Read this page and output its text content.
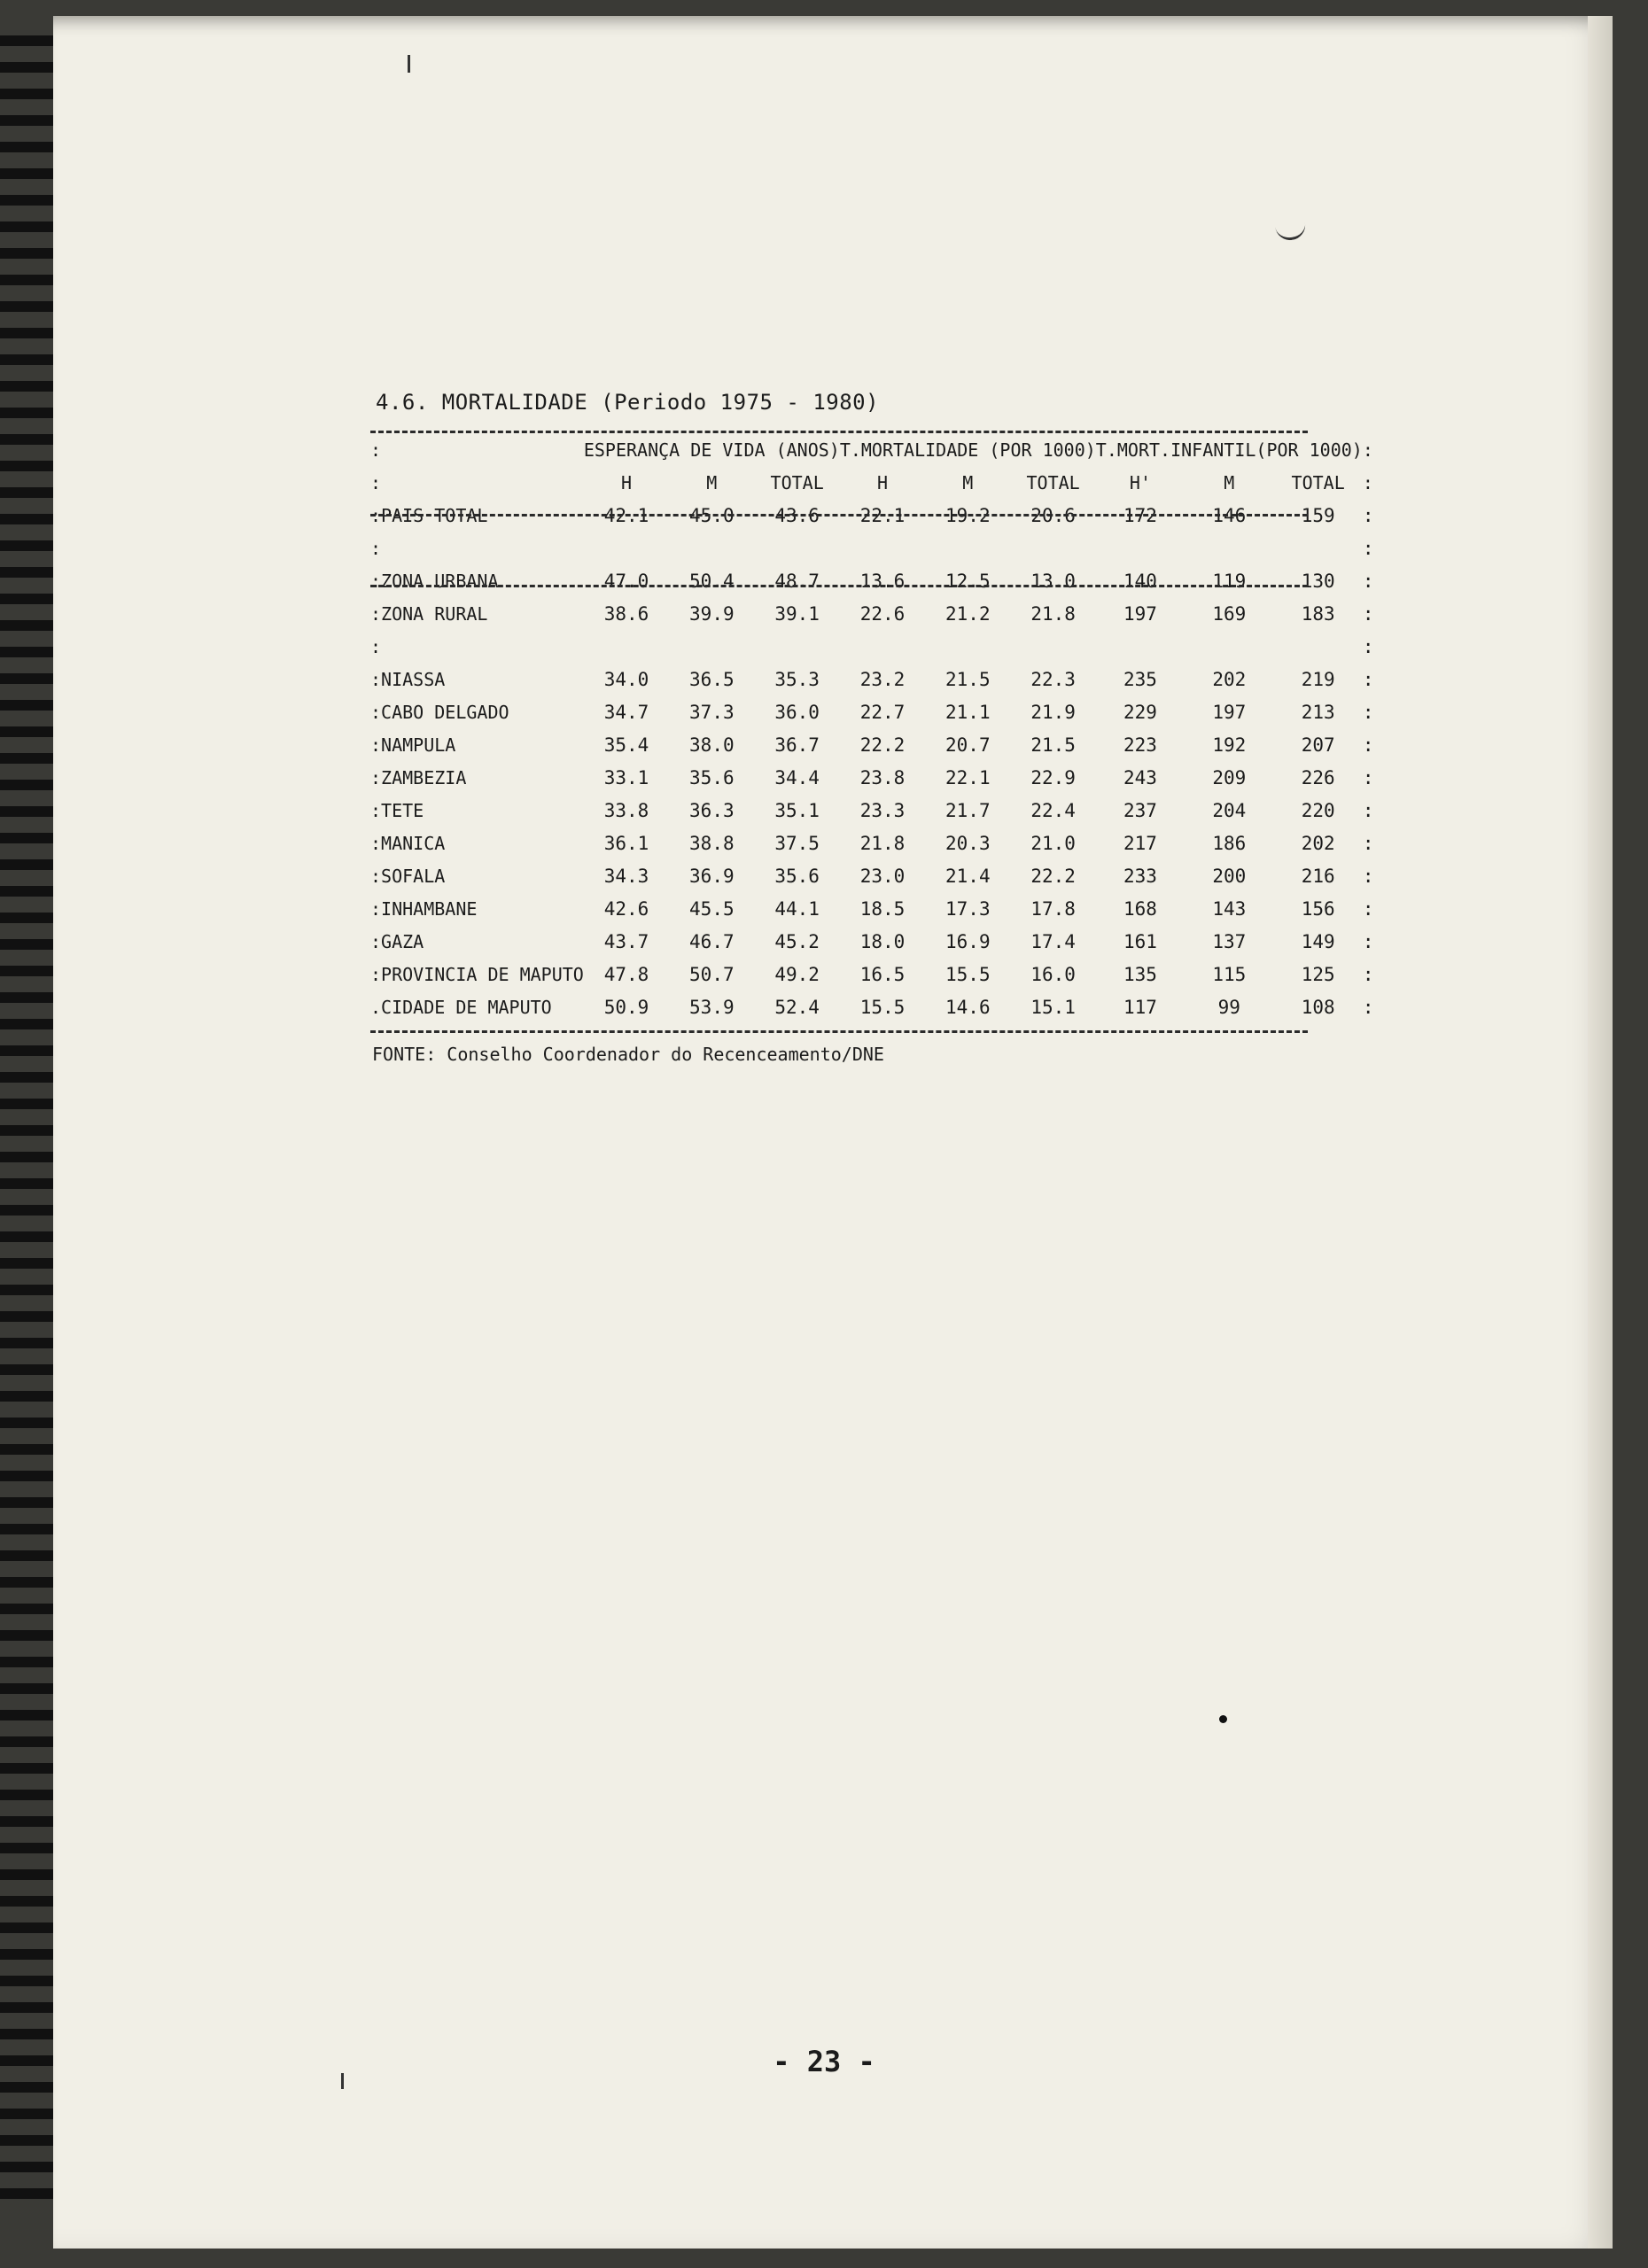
4.6. MORTALIDADE (Periodo 1975 - 1980)
:	ESPERANÇA DE VIDA (ANOS)			T.MORTALIDADE (POR 1000)			T.MORT.INFANTIL(POR 1000)			:
:	H	M	TOTAL	H	M	TOTAL	H'	M	TOTAL	:
:PAIS TOTAL	42.1	45.0	43.6	22.1	19.2	20.6	172	146	159	:
:										:
:ZONA URBANA	47.0	50.4	48.7	13.6	12.5	13.0	140	119	130	:
:ZONA RURAL	38.6	39.9	39.1	22.6	21.2	21.8	197	169	183	:
:										:
:NIASSA	34.0	36.5	35.3	23.2	21.5	22.3	235	202	219	:
:CABO DELGADO	34.7	37.3	36.0	22.7	21.1	21.9	229	197	213	:
:NAMPULA	35.4	38.0	36.7	22.2	20.7	21.5	223	192	207	:
:ZAMBEZIA	33.1	35.6	34.4	23.8	22.1	22.9	243	209	226	:
:TETE	33.8	36.3	35.1	23.3	21.7	22.4	237	204	220	:
:MANICA	36.1	38.8	37.5	21.8	20.3	21.0	217	186	202	:
:SOFALA	34.3	36.9	35.6	23.0	21.4	22.2	233	200	216	:
:INHAMBANE	42.6	45.5	44.1	18.5	17.3	17.8	168	143	156	:
:GAZA	43.7	46.7	45.2	18.0	16.9	17.4	161	137	149	:
:PROVINCIA DE MAPUTO	47.8	50.7	49.2	16.5	15.5	16.0	135	115	125	:
.CIDADE DE MAPUTO	50.9	53.9	52.4	15.5	14.6	15.1	117	99	108	:
FONTE: Conselho Coordenador do Recenceamento/DNE
- 23 -
